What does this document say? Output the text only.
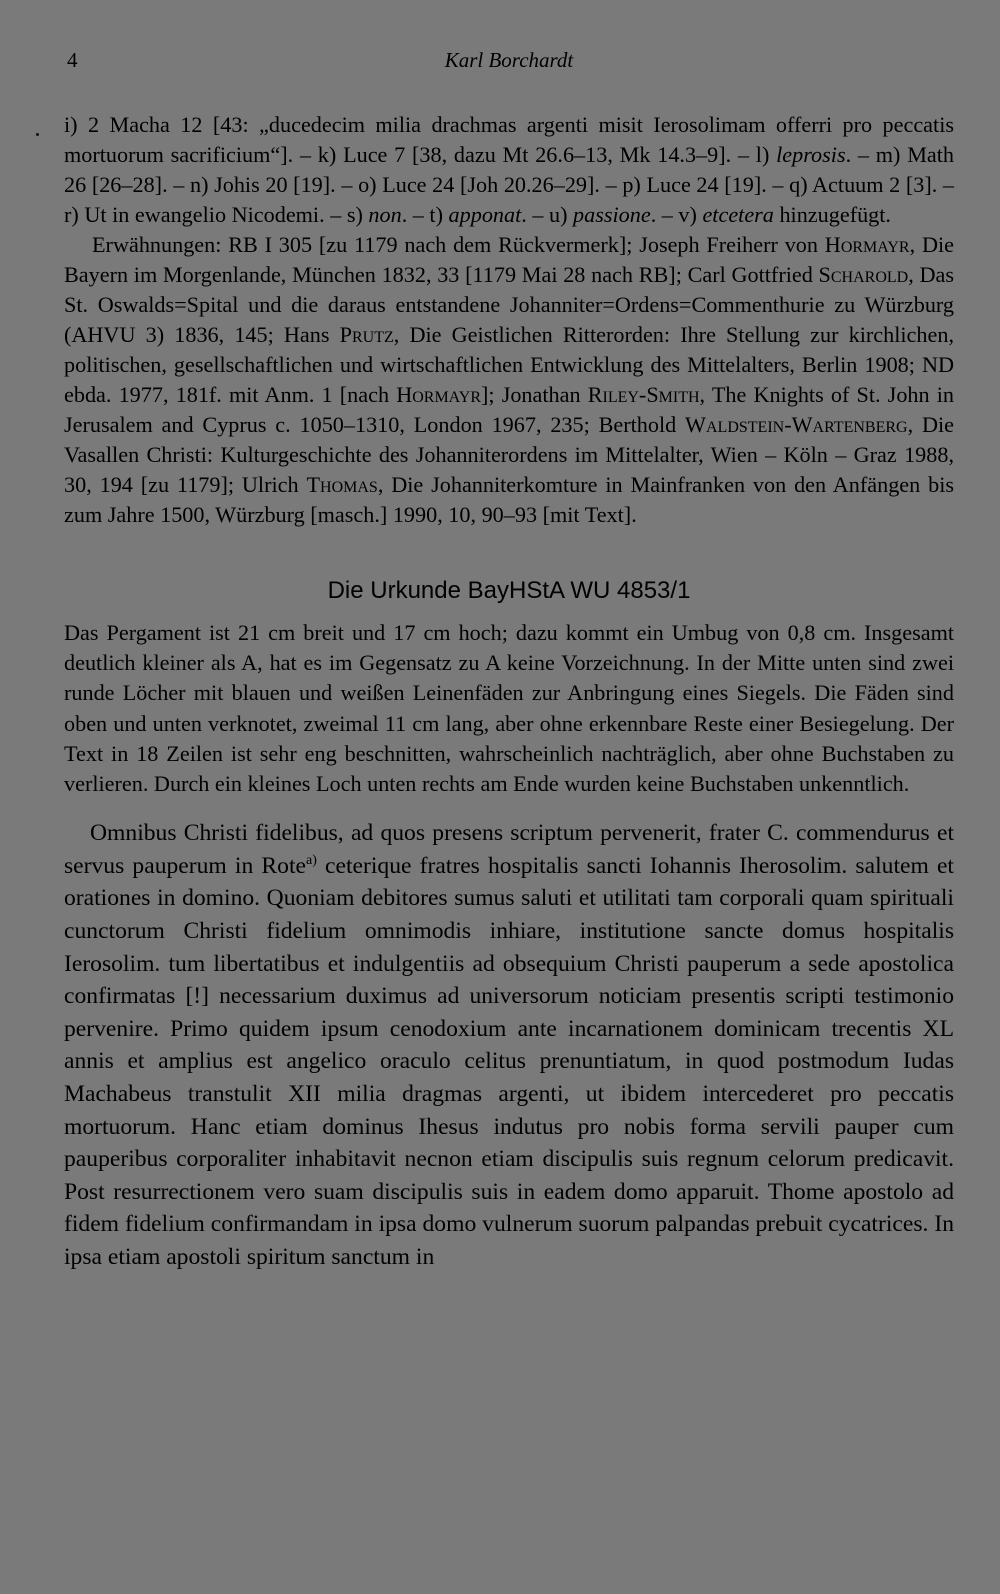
4	Karl Borchardt

i) 2 Macha 12 [43: „ducedecim milia drachmas argenti misit Ierosolimam offerri pro peccatis mortuorum sacrificium“]. – k) Luce 7 [38, dazu Mt 26.6–13, Mk 14.3–9]. – l) leprosis. – m) Math 26 [26–28]. – n) Johis 20 [19]. – o) Luce 24 [Joh 20.26–29]. – p) Luce 24 [19]. – q) Actuum 2 [3]. – r) Ut in ewangelio Nicodemi. – s) non. – t) apponat. – u) passione. – v) etcetera hinzugefügt.

Erwähnungen: RB I 305 [zu 1179 nach dem Rückvermerk]; Joseph Freiherr von Hormayr, Die Bayern im Morgenlande, München 1832, 33 [1179 Mai 28 nach RB]; Carl Gottfried Scharold, Das St. Oswalds=Spital und die daraus entstandene Johanniter=Ordens=Commenthurie zu Würzburg (AHVU 3) 1836, 145; Hans Prutz, Die Geistlichen Ritterorden: Ihre Stellung zur kirchlichen, politischen, gesellschaftlichen und wirtschaftlichen Entwicklung des Mittelalters, Berlin 1908; ND ebda. 1977, 181f. mit Anm. 1 [nach Hormayr]; Jonathan Riley-Smith, The Knights of St. John in Jerusalem and Cyprus c. 1050–1310, London 1967, 235; Berthold Waldstein-Wartenberg, Die Vasallen Christi: Kulturgeschichte des Johanniterordens im Mittelalter, Wien – Köln – Graz 1988, 30, 194 [zu 1179]; Ulrich Thomas, Die Johanniterkomture in Mainfranken von den Anfängen bis zum Jahre 1500, Würzburg [masch.] 1990, 10, 90–93 [mit Text].

Die Urkunde BayHStA WU 4853/1

Das Pergament ist 21 cm breit und 17 cm hoch; dazu kommt ein Umbug von 0,8 cm. Insgesamt deutlich kleiner als A, hat es im Gegensatz zu A keine Vorzeichnung. In der Mitte unten sind zwei runde Löcher mit blauen und weißen Leinenfäden zur Anbringung eines Siegels. Die Fäden sind oben und unten verknotet, zweimal 11 cm lang, aber ohne erkennbare Reste einer Besiegelung. Der Text in 18 Zeilen ist sehr eng beschnitten, wahrscheinlich nachträglich, aber ohne Buchstaben zu verlieren. Durch ein kleines Loch unten rechts am Ende wurden keine Buchstaben unkenntlich.

Omnibus Christi fidelibus, ad quos presens scriptum pervenerit, frater C. commendurus et servus pauperum in Rote$^{a)}$ ceterique fratres hospitalis sancti Iohannis Iherosolim. salutem et orationes in domino. Quoniam debitores sumus saluti et utilitati tam corporali quam spirituali cunctorum Christi fidelium omnimodis inhiare, institutione sancte domus hospitalis Ierosolim. tum libertatibus et indulgentiis ad obsequium Christi pauperum a sede apostolica confirmatas [!] necessarium duximus ad universorum noticiam presentis scripti testimonio pervenire. Primo quidem ipsum cenodoxium ante incarnationem dominicam trecentis XL annis et amplius est angelico oraculo celitus prenuntiatum, in quod postmodum Iudas Machabeus transtulit XII milia dragmas argenti, ut ibidem intercederet pro peccatis mortuorum. Hanc etiam dominus Ihesus indutus pro nobis forma servili pauper cum pauperibus corporaliter inhabitavit necnon etiam discipulis suis regnum celorum predicavit. Post resurrectionem vero suam discipulis suis in eadem domo apparuit. Thome apostolo ad fidem fidelium confirmandam in ipsa domo vulnerum suorum palpandas prebuit cycatrices. In ipsa etiam apostoli spiritum sanctum in
